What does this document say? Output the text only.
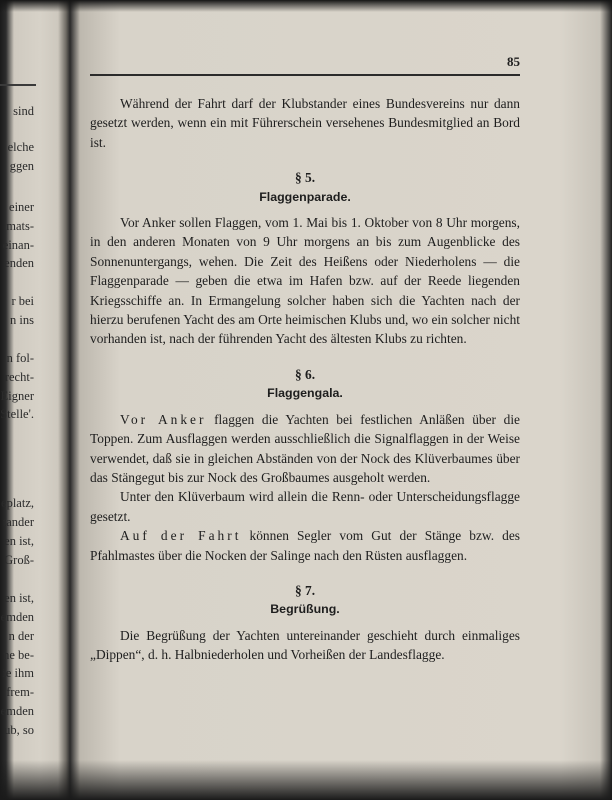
sind
elche
ggen
einer
mats-
einan-
enden
r bei
n ins
n fol-
recht-
Eigner
Stelle'.
eplatz,
tander
en ist,
Groß-
en ist,
emden
n der
ne be-
ie ihm
frem-
emden
ub, so
85

Während der Fahrt darf der Klubstander eines Bundesvereins nur dann gesetzt werden, wenn ein mit Führerschein versehenes Bundesmitglied an Bord ist.

§ 5.
Flaggenparade.

Vor Anker sollen Flaggen, vom 1. Mai bis 1. Oktober von 8 Uhr morgens, in den anderen Monaten von 9 Uhr morgens an bis zum Augenblicke des Sonnenuntergangs, wehen. Die Zeit des Heißens oder Niederholens — die Flaggenparade — geben die etwa im Hafen bzw. auf der Reede liegenden Kriegsschiffe an. In Ermangelung solcher haben sich die Yachten nach der hierzu berufenen Yacht des am Orte heimischen Klubs und, wo ein solcher nicht vorhanden ist, nach der führenden Yacht des ältesten Klubs zu richten.

§ 6.
Flaggengala.

Vor Anker flaggen die Yachten bei festlichen Anläßen über die Toppen. Zum Ausflaggen werden ausschließlich die Signalflaggen in der Weise verwendet, daß sie in gleichen Abständen von der Nock des Klüverbaumes über das Stängegut bis zur Nock des Großbaumes ausgeholt werden.

Unter den Klüverbaum wird allein die Renn- oder Unterscheidungsflagge gesetzt.

Auf der Fahrt können Segler vom Gut der Stänge bzw. des Pfahlmastes über die Nocken der Salinge nach den Rüsten ausflaggen.

§ 7.
Begrüßung.

Die Begrüßung der Yachten untereinander geschieht durch einmaliges „Dippen“, d. h. Halbniederholen und Vorheißen der Landesflagge.
